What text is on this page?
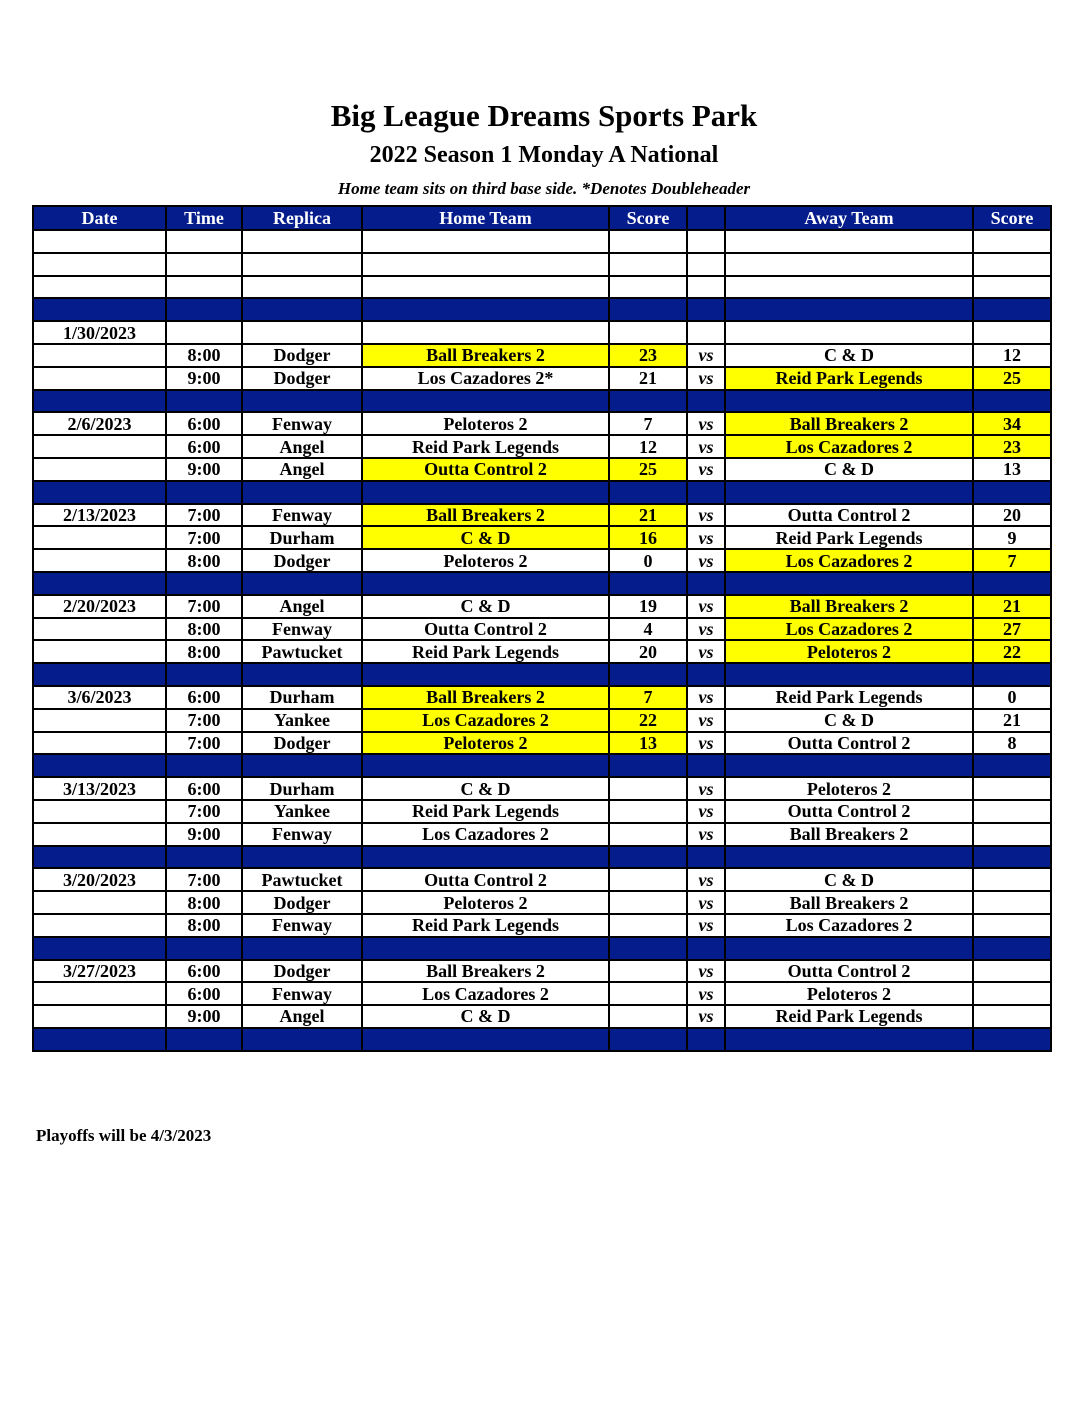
Big League Dreams Sports Park
2022 Season 1 Monday A National
Home team sits on third base side. *Denotes Doubleheader
Date	Time	Replica	Home Team	Score		Away Team	Score

1/30/2023							
	8:00	Dodger	Ball Breakers 2	23	vs	C & D	12
	9:00	Dodger	Los Cazadores 2*	21	vs	Reid Park Legends	25

2/6/2023	6:00	Fenway	Peloteros 2	7	vs	Ball Breakers 2	34
	6:00	Angel	Reid Park Legends	12	vs	Los Cazadores 2	23
	9:00	Angel	Outta Control 2	25	vs	C & D	13

2/13/2023	7:00	Fenway	Ball Breakers 2	21	vs	Outta Control 2	20
	7:00	Durham	C & D	16	vs	Reid Park Legends	9
	8:00	Dodger	Peloteros 2	0	vs	Los Cazadores 2	7

2/20/2023	7:00	Angel	C & D	19	vs	Ball Breakers 2	21
	8:00	Fenway	Outta Control 2	4	vs	Los Cazadores 2	27
	8:00	Pawtucket	Reid Park Legends	20	vs	Peloteros 2	22

3/6/2023	6:00	Durham	Ball Breakers 2	7	vs	Reid Park Legends	0
	7:00	Yankee	Los Cazadores 2	22	vs	C & D	21
	7:00	Dodger	Peloteros 2	13	vs	Outta Control 2	8

3/13/2023	6:00	Durham	C & D		vs	Peloteros 2	
	7:00	Yankee	Reid Park Legends		vs	Outta Control 2	
	9:00	Fenway	Los Cazadores 2		vs	Ball Breakers 2	

3/20/2023	7:00	Pawtucket	Outta Control 2		vs	C & D	
	8:00	Dodger	Peloteros 2		vs	Ball Breakers 2	
	8:00	Fenway	Reid Park Legends		vs	Los Cazadores 2	

3/27/2023	6:00	Dodger	Ball Breakers 2		vs	Outta Control 2	
	6:00	Fenway	Los Cazadores 2		vs	Peloteros 2	
	9:00	Angel	C & D		vs	Reid Park Legends	

Playoffs will be 4/3/2023
